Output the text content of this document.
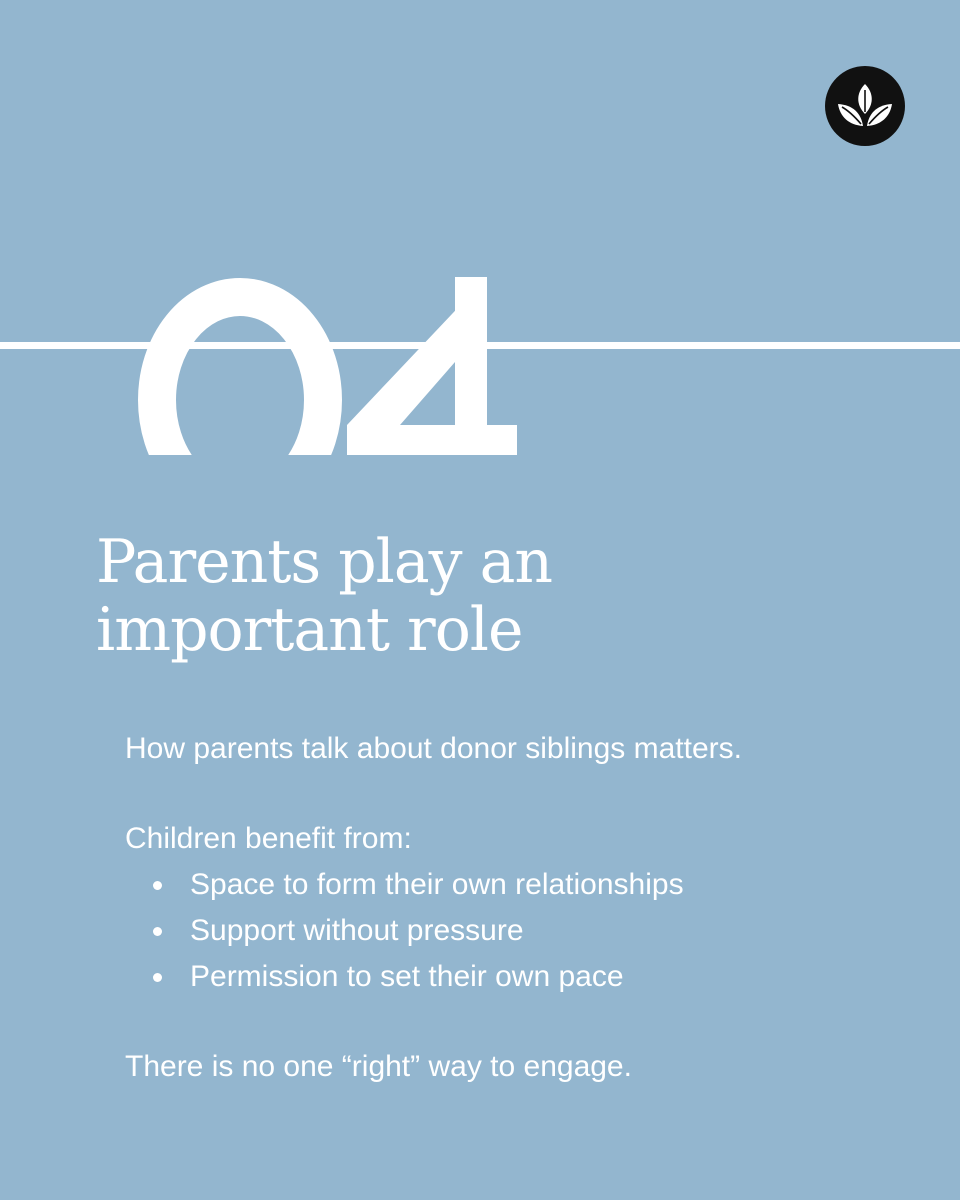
Parents play an
important role

How parents talk about donor siblings matters.

Children benefit from:

Space to form their own relationships
Support without pressure
Permission to set their own pace

There is no one “right” way to engage.
